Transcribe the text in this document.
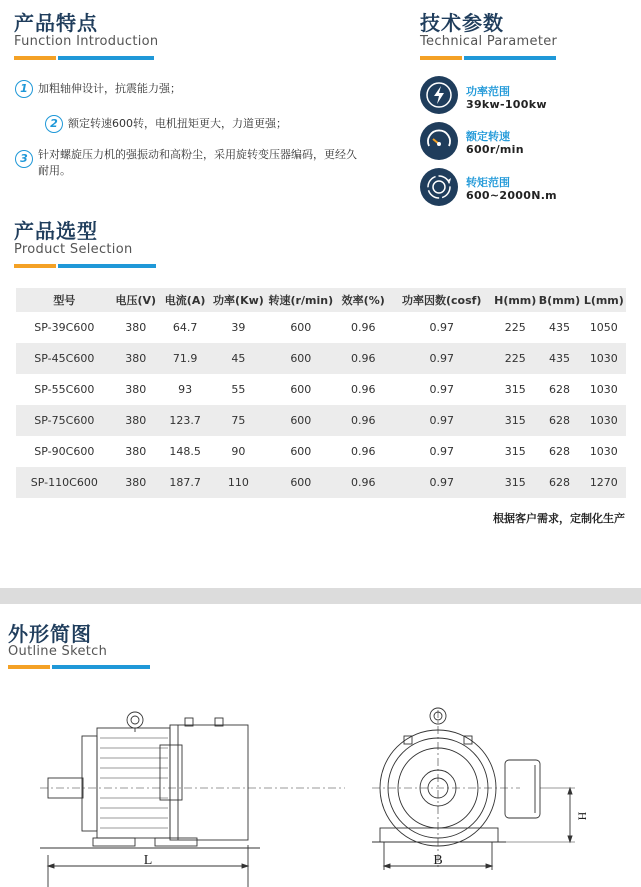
产品特点
Function Introduction
1 加粗轴伸设计，抗震能力强；
2 额定转速600转，电机扭矩更大，力道更强；
3 针对螺旋压力机的强振动和高粉尘，采用旋转变压器编码，更经久
耐用。
技术参数
Technical Parameter
功率范围
39kw-100kw
额定转速
600r/min
转矩范围
600~2000N.m
产品选型
Product Selection
型号	电压(V)	电流(A)	功率(Kw)	转速(r/min)	效率(%)	功率因数(cosf)	H(mm)	B(mm)	L(mm)
SP-39C600	380	64.7	39	600	0.96	0.97	225	435	1050
SP-45C600	380	71.9	45	600	0.96	0.97	225	435	1030
SP-55C600	380	93	55	600	0.96	0.97	315	628	1030
SP-75C600	380	123.7	75	600	0.96	0.97	315	628	1030
SP-90C600	380	148.5	90	600	0.96	0.97	315	628	1030
SP-110C600	380	187.7	110	600	0.96	0.97	315	628	1270
根据客户需求，定制化生产
外形简图
Outline Sketch
L	B
H
